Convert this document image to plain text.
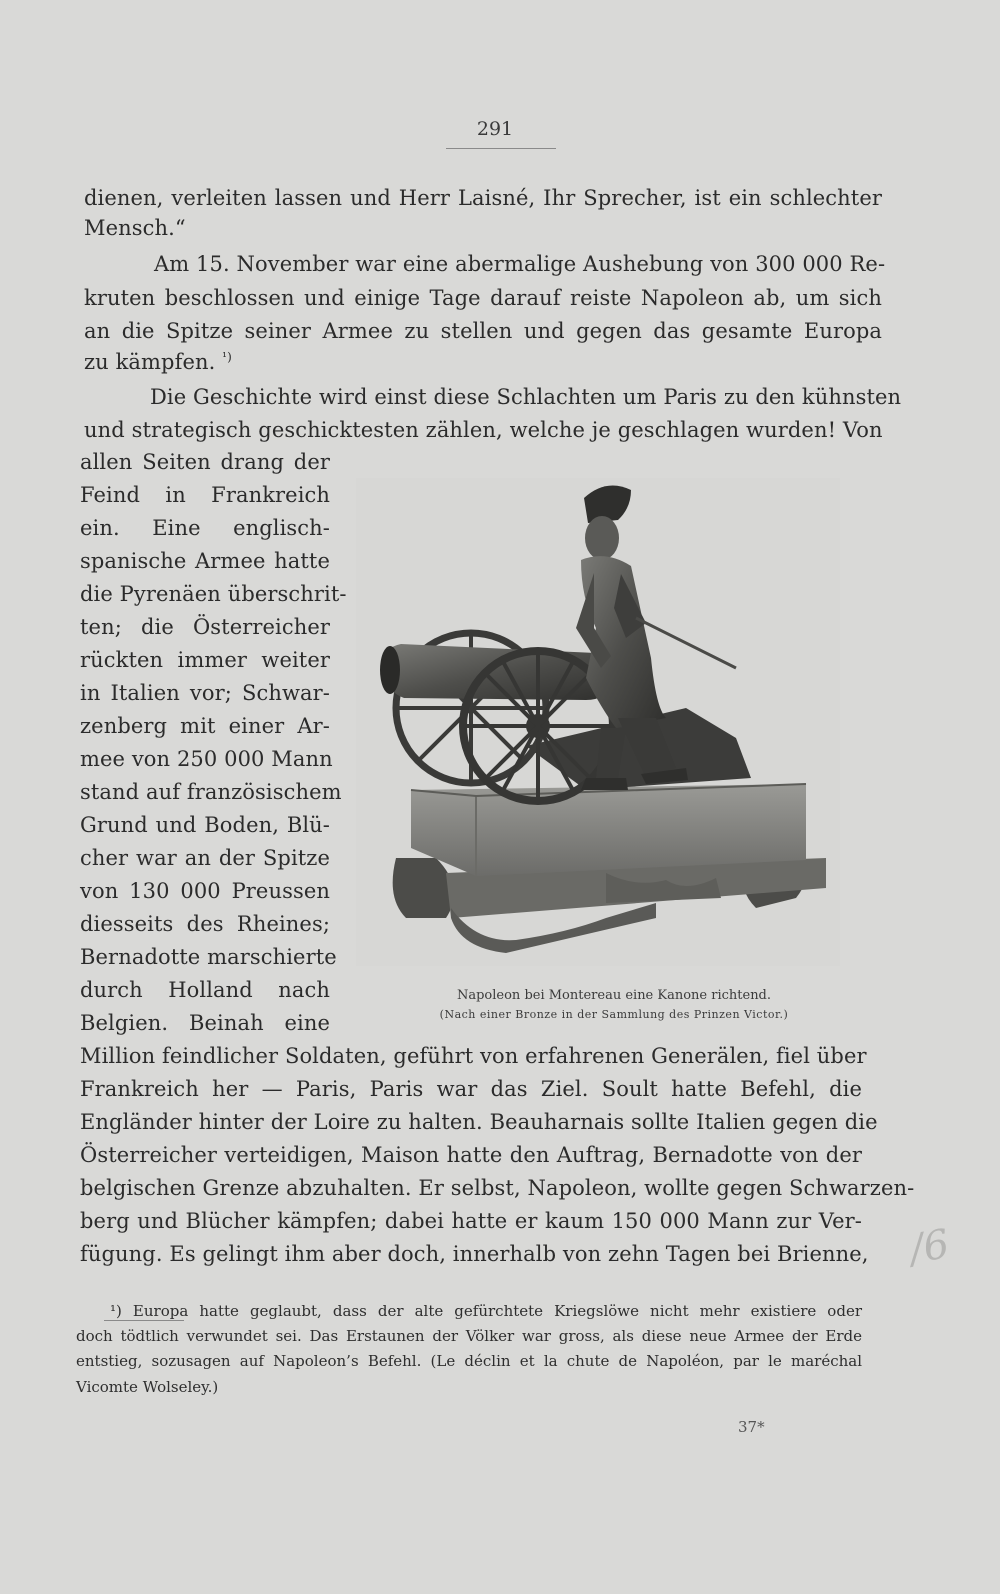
291
dienen, verleiten lassen und Herr Laisné, Ihr Sprecher, ist ein schlechter
Mensch.“
Am 15. November war eine abermalige Aushebung von 300 000 Re-
kruten beschlossen und einige Tage darauf reiste Napoleon ab, um sich
an die Spitze seiner Armee zu stellen und gegen das gesamte Europa
zu kämpfen. $^{^1)}$
Die Geschichte wird einst diese Schlachten um Paris zu den kühnsten
und strategisch geschicktesten zählen, welche je geschlagen wurden! Von
allen Seiten drang der
Feind in Frankreich
ein. Eine englisch-
spanische Armee hatte
die Pyrenäen überschrit-
ten; die Österreicher
rückten immer weiter
in Italien vor; Schwar-
zenberg mit einer Ar-
mee von 250 000 Mann
stand auf französischem
Grund und Boden, Blü-
cher war an der Spitze
von 130 000 Preussen
diesseits des Rheines;
Bernadotte marschierte
durch Holland nach
Belgien. Beinah eine
Napoleon bei Montereau eine Kanone richtend.
(Nach einer Bronze in der Sammlung des Prinzen Victor.)
Million feindlicher Soldaten, geführt von erfahrenen Generälen, fiel über
Frankreich her — Paris, Paris war das Ziel. Soult hatte Befehl, die
Engländer hinter der Loire zu halten. Beauharnais sollte Italien gegen die
Österreicher verteidigen, Maison hatte den Auftrag, Bernadotte von der
belgischen Grenze abzuhalten. Er selbst, Napoleon, wollte gegen Schwarzen-
berg und Blücher kämpfen; dabei hatte er kaum 150 000 Mann zur Ver-
fügung. Es gelingt ihm aber doch, innerhalb von zehn Tagen bei Brienne, /6
¹) Europa hatte geglaubt, dass der alte gefürchtete Kriegslöwe nicht mehr existiere oder
doch tödtlich verwundet sei. Das Erstaunen der Völker war gross, als diese neue Armee der Erde
entstieg, sozusagen auf Napoleon’s Befehl. (Le déclin et la chute de Napoléon, par le maréchal
Vicomte Wolseley.)
37*
